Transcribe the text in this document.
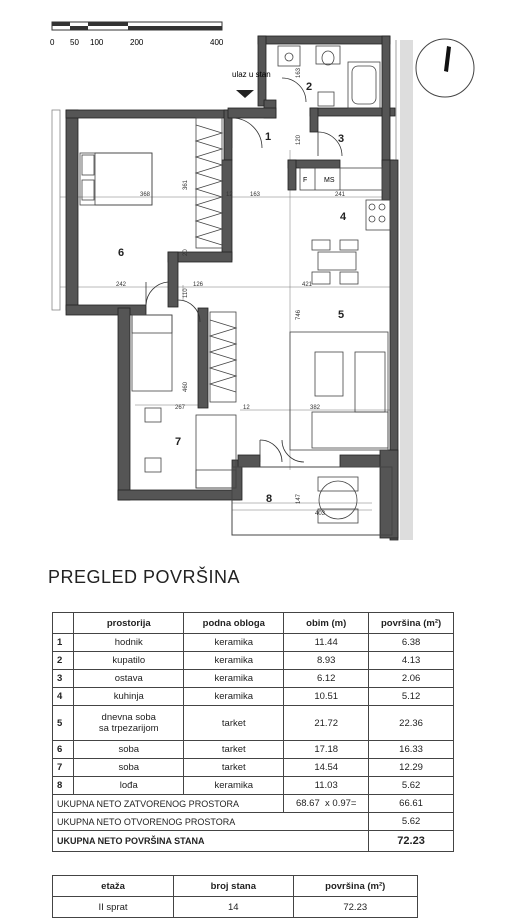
0 50 100	200	400
F MS
ulaz u stan
1
2
3
4
5
6
7
8
163
120
361
368	12	163	241
20
242	126
110
421
746
460
267	12	382
147
403
PREGLED POVRŠINA
	prostorija	podna obloga	obim (m)	površina (m²)
1	hodnik	keramika	11.44	6.38
2	kupatilo	keramika	8.93	4.13
3	ostava	keramika	6.12	2.06
4	kuhinja	keramika	10.51	5.12
5	dnevna soba
sa trpezarijom	tarket	21.72	22.36
6	soba	tarket	17.18	16.33
7	soba	tarket	14.54	12.29
8	lođa	keramika	11.03	5.62
UKUPNA NETO ZATVORENOG PROSTORA			68.67 x 0.97=	66.61
UKUPNA NETO OTVORENOG PROSTORA				5.62
UKUPNA NETO POVRŠINA STANA				72.23
etaža	broj stana	površina (m²)
II sprat	14	72.23
